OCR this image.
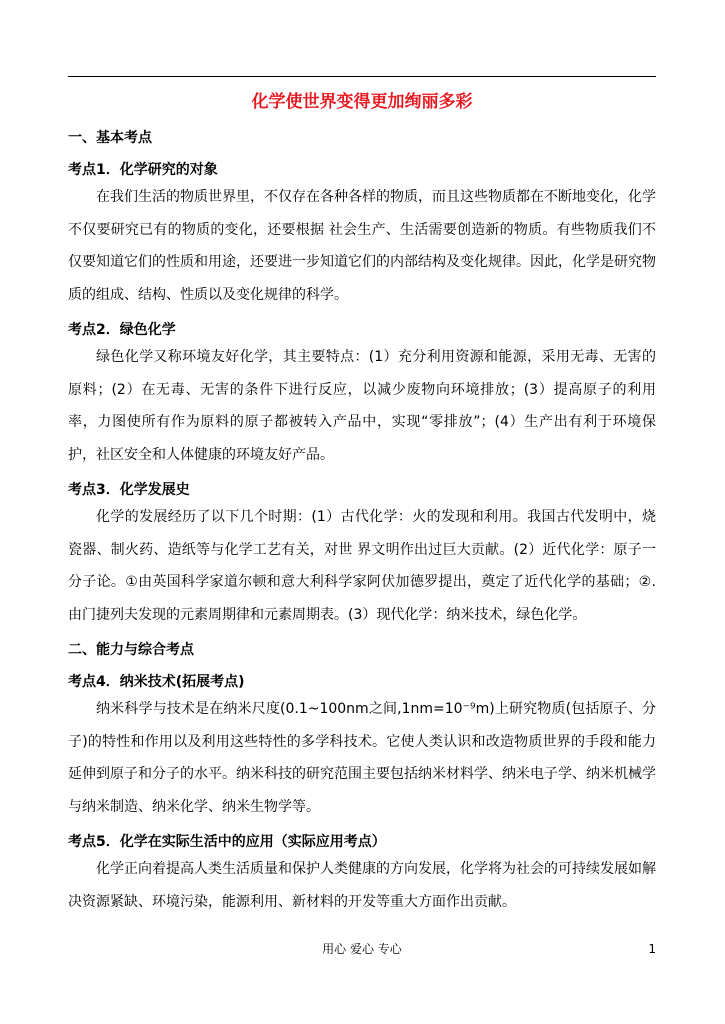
化学使世界变得更加绚丽多彩

一、基本考点

考点1．化学研究的对象

在我们生活的物质世界里，不仅存在各种各样的物质，而且这些物质都在不断地变化，化学不仅要研究已有的物质的变化，还要根据 社会生产、生活需要创造新的物质。有些物质我们不仅要知道它们的性质和用途，还要进一步知道它们的内部结构及变化规律。因此，化学是研究物质的组成、结构、性质以及变化规律的科学。

考点2．绿色化学

绿色化学又称环境友好化学，其主要特点：(1）充分利用资源和能源，采用无毒、无害的原料；(2）在无毒、无害的条件下进行反应，以减少废物向环境排放；(3）提高原子的利用率，力图使所有作为原料的原子都被转入产品中，实现“零排放”；(4）生产出有利于环境保护，社区安全和人体健康的环境友好产品。

考点3．化学发展史

化学的发展经历了以下几个时期：(1）古代化学：火的发现和利用。我国古代发明中，烧瓷器、制火药、造纸等与化学工艺有关，对世 界文明作出过巨大贡献。(2）近代化学：原子一分子论。①由英国科学家道尔顿和意大利科学家阿伏加德罗提出，奠定了近代化学的基础；②.由门捷列夫发现的元素周期律和元素周期表。(3）现代化学：纳米技术，绿色化学。

二、能力与综合考点

考点4．纳米技术(拓展考点)

纳米科学与技术是在纳米尺度(0.1~100nm之间,1nm=10⁻⁹m)上研究物质(包括原子、分子)的特性和作用以及利用这些特性的多学科技术。它使人类认识和改造物质世界的手段和能力延伸到原子和分子的水平。纳米科技的研究范围主要包括纳米材料学、纳米电子学、纳米机械学与纳米制造、纳米化学、纳米生物学等。

考点5．化学在实际生活中的应用（实际应用考点）

化学正向着提高人类生活质量和保护人类健康的方向发展，化学将为社会的可持续发展如解决资源紧缺、环境污染，能源利用、新材料的开发等重大方面作出贡献。

用心 爱心 专心	1
